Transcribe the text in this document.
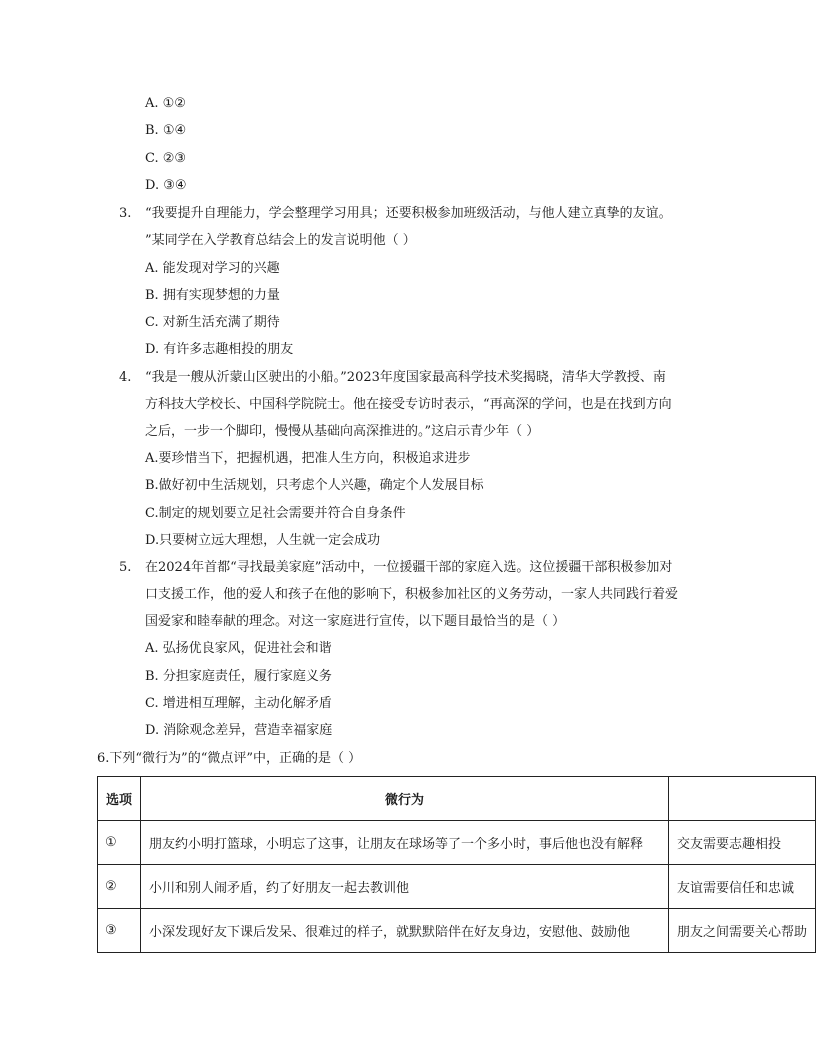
A. ①②
B. ①④
C. ②③
D. ③④
3. “我要提升自理能力，学会整理学习用具；还要积极参加班级活动，与他人建立真挚的友谊。
”某同学在入学教育总结会上的发言说明他（ ）
A. 能发现对学习的兴趣
B. 拥有实现梦想的力量
C. 对新生活充满了期待
D. 有许多志趣相投的朋友
4. “我是一艘从沂蒙山区驶出的小船。”2023年度国家最高科学技术奖揭晓，清华大学教授、南
方科技大学校长、中国科学院院士。他在接受专访时表示，“再高深的学问，也是在找到方向
之后，一步一个脚印，慢慢从基础向高深推进的。”这启示青少年（ ）
A.要珍惜当下，把握机遇，把准人生方向，积极追求进步
B.做好初中生活规划，只考虑个人兴趣，确定个人发展目标
C.制定的规划要立足社会需要并符合自身条件
D.只要树立远大理想，人生就一定会成功
5. 在2024年首都“寻找最美家庭”活动中，一位援疆干部的家庭入选。这位援疆干部积极参加对
口支援工作，他的爱人和孩子在他的影响下，积极参加社区的义务劳动，一家人共同践行着爱
国爱家和睦奉献的理念。对这一家庭进行宣传，以下题目最恰当的是（ ）
A. 弘扬优良家风，促进社会和谐
B. 分担家庭责任，履行家庭义务
C. 增进相互理解，主动化解矛盾
D. 消除观念差异，营造幸福家庭
6.下列“微行为”的“微点评”中，正确的是（ ）
选项	微行为	
①	朋友约小明打篮球，小明忘了这事，让朋友在球场等了一个多小时，事后他也没有解释	交友需要志趣相投
②	小川和别人闹矛盾，约了好朋友一起去教训他	友谊需要信任和忠诚
③	小深发现好友下课后发呆、很难过的样子，就默默陪伴在好友身边，安慰他、鼓励他	朋友之间需要关心帮助
